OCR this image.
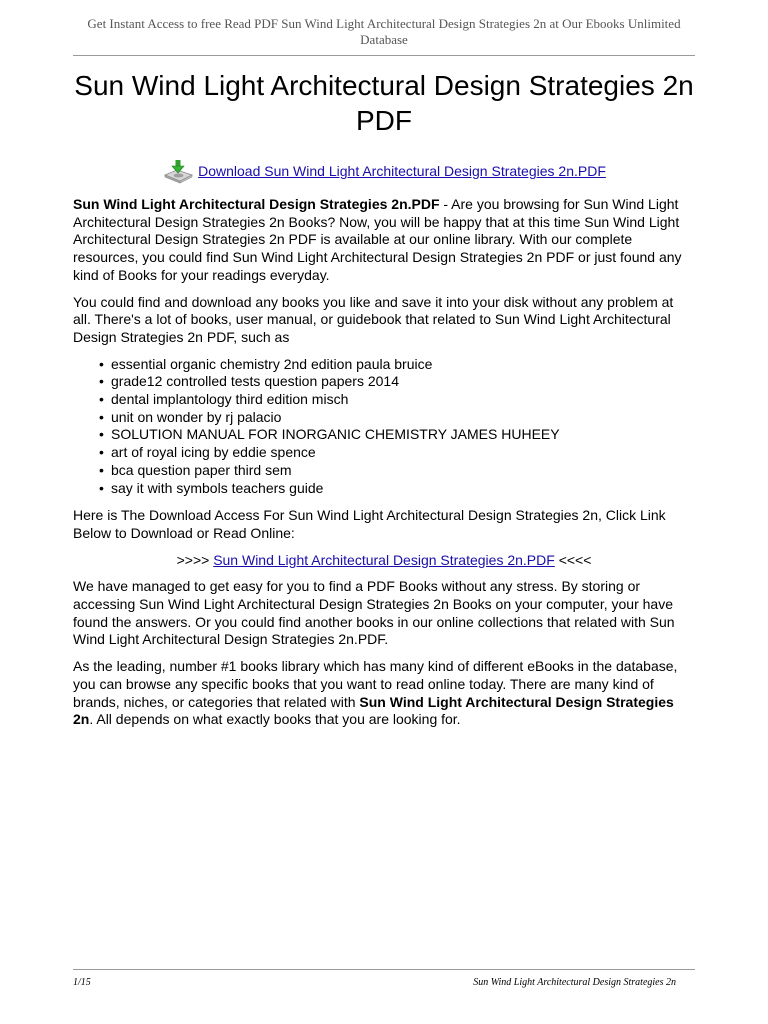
Get Instant Access to free Read PDF Sun Wind Light Architectural Design Strategies 2n at Our Ebooks Unlimited Database
Sun Wind Light Architectural Design Strategies 2n PDF
Download Sun Wind Light Architectural Design Strategies 2n.PDF

Sun Wind Light Architectural Design Strategies 2n.PDF - Are you browsing for Sun Wind Light Architectural Design Strategies 2n Books? Now, you will be happy that at this time Sun Wind Light Architectural Design Strategies 2n PDF is available at our online library. With our complete resources, you could find Sun Wind Light Architectural Design Strategies 2n PDF or just found any kind of Books for your readings everyday.

You could find and download any books you like and save it into your disk without any problem at all. There's a lot of books, user manual, or guidebook that related to Sun Wind Light Architectural Design Strategies 2n PDF, such as

• essential organic chemistry 2nd edition paula bruice
• grade12 controlled tests question papers 2014
• dental implantology third edition misch
• unit on wonder by rj palacio
• SOLUTION MANUAL FOR INORGANIC CHEMISTRY JAMES HUHEEY
• art of royal icing by eddie spence
• bca question paper third sem
• say it with symbols teachers guide

Here is The Download Access For Sun Wind Light Architectural Design Strategies 2n, Click Link Below to Download or Read Online:

>>>> Sun Wind Light Architectural Design Strategies 2n.PDF <<<<

We have managed to get easy for you to find a PDF Books without any stress. By storing or accessing Sun Wind Light Architectural Design Strategies 2n Books on your computer, your have found the answers. Or you could find another books in our online collections that related with Sun Wind Light Architectural Design Strategies 2n.PDF.

As the leading, number #1 books library which has many kind of different eBooks in the database, you can browse any specific books that you want to read online today. There are many kind of brands, niches, or categories that related with Sun Wind Light Architectural Design Strategies 2n. All depends on what exactly books that you are looking for.

1/15	Sun Wind Light Architectural Design Strategies 2n
